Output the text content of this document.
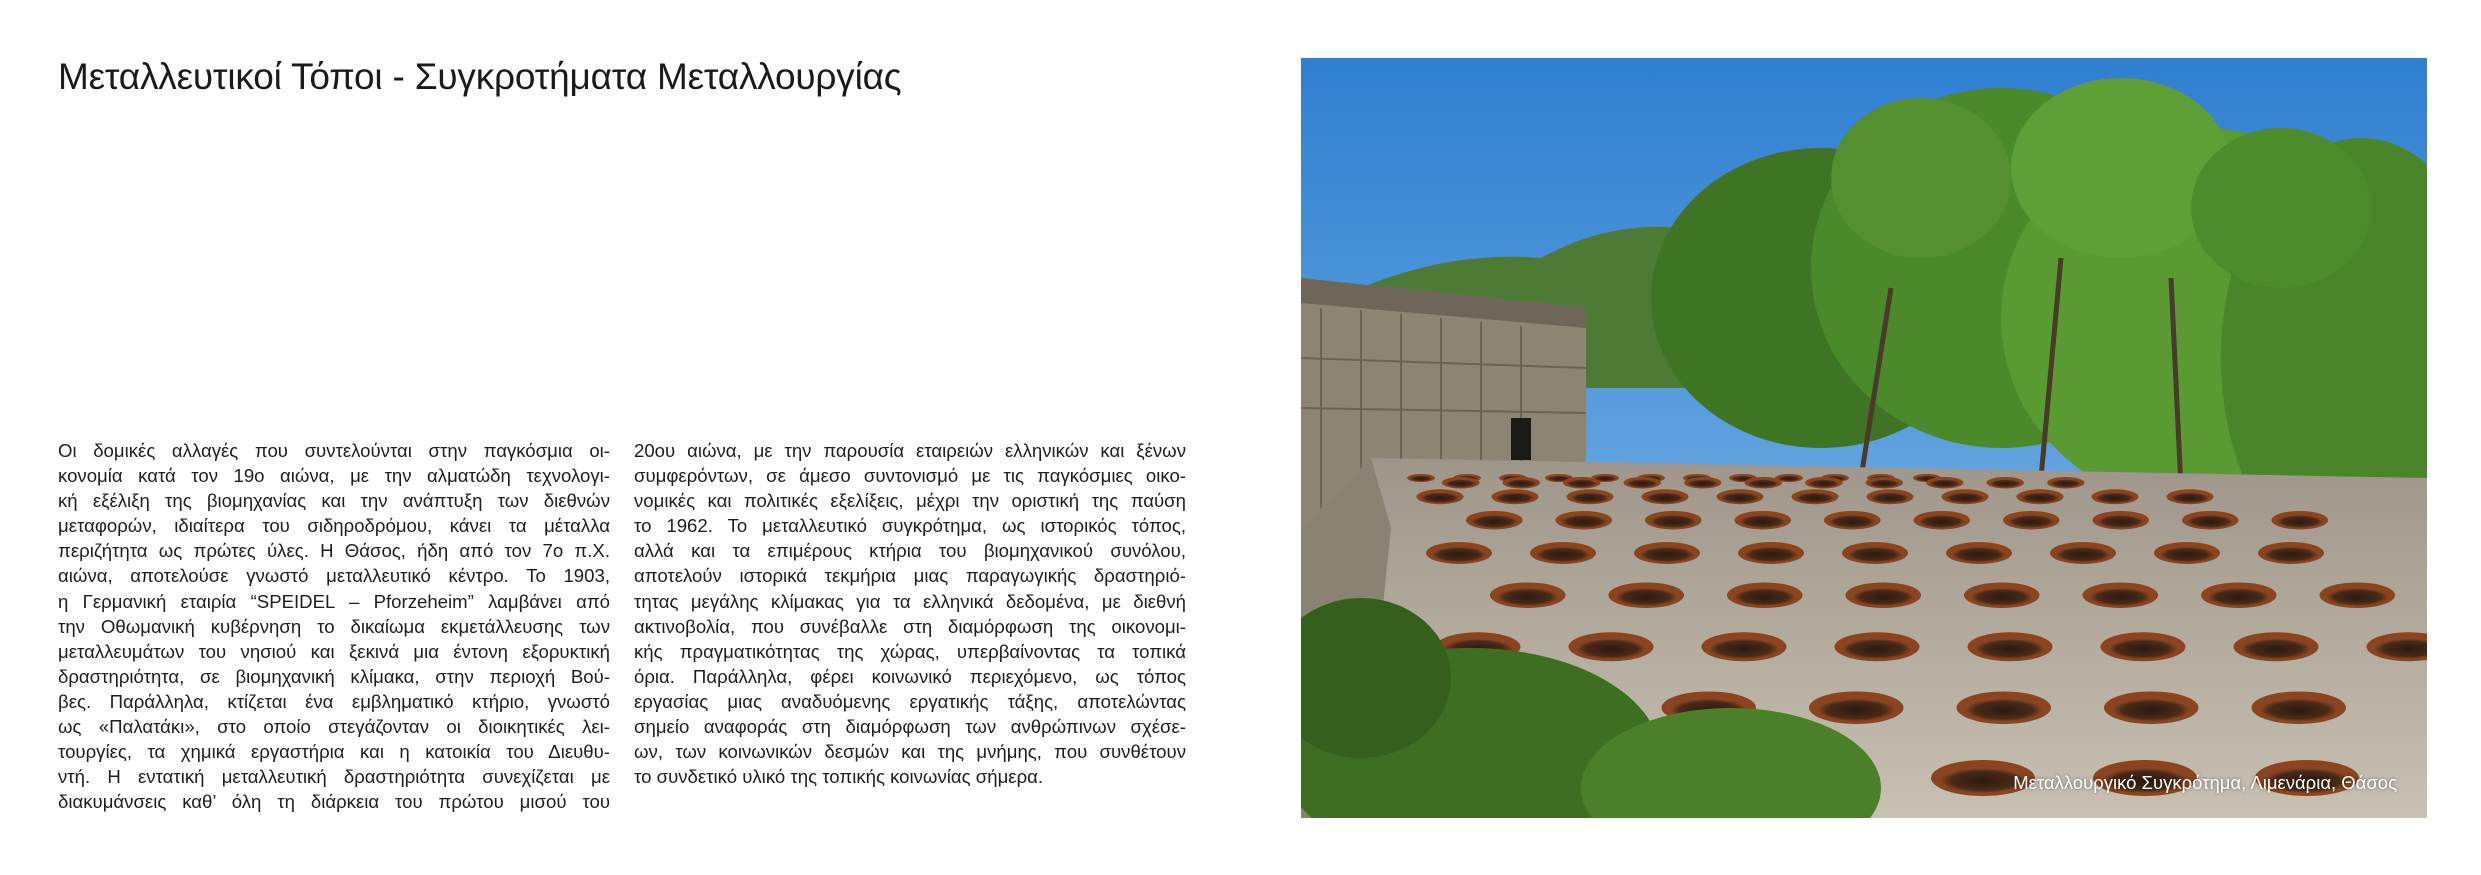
Μεταλλευτικοί Τόποι - Συγκροτήματα Μεταλλουργίας
Οι δομικές αλλαγές που συντελούνται στην παγκόσμια οι-
κονομία κατά τον 19ο αιώνα, με την αλματώδη τεχνολογι-
κή εξέλιξη της βιομηχανίας και την ανάπτυξη των διεθνών
μεταφορών, ιδιαίτερα του σιδηροδρόμου, κάνει τα μέταλλα
περιζήτητα ως πρώτες ύλες. Η Θάσος, ήδη από τον 7ο π.Χ.
αιώνα, αποτελούσε γνωστό μεταλλευτικό κέντρο. Το 1903,
η Γερμανική εταιρία “SPEIDEL – Pforzeheim” λαμβάνει από
την Οθωμανική κυβέρνηση το δικαίωμα εκμετάλλευσης των
μεταλλευμάτων του νησιού και ξεκινά μια έντονη εξορυκτική
δραστηριότητα, σε βιομηχανική κλίμακα, στην περιοχή Βού-
βες. Παράλληλα, κτίζεται ένα εμβληματικό κτήριο, γνωστό
ως «Παλατάκι», στο οποίο στεγάζονταν οι διοικητικές λει-
τουργίες, τα χημικά εργαστήρια και η κατοικία του Διευθυ-
ντή. Η εντατική μεταλλευτική δραστηριότητα συνεχίζεται με
διακυμάνσεις καθ’ όλη τη διάρκεια του πρώτου μισού του
20ου αιώνα, με την παρουσία εταιρειών ελληνικών και ξένων
συμφερόντων, σε άμεσο συντονισμό με τις παγκόσμιες οικο-
νομικές και πολιτικές εξελίξεις, μέχρι την οριστική της παύση
το 1962. Το μεταλλευτικό συγκρότημα, ως ιστορικός τόπος,
αλλά και τα επιμέρους κτήρια του βιομηχανικού συνόλου,
αποτελούν ιστορικά τεκμήρια μιας παραγωγικής δραστηριό-
τητας μεγάλης κλίμακας για τα ελληνικά δεδομένα, με διεθνή
ακτινοβολία, που συνέβαλλε στη διαμόρφωση της οικονομι-
κής πραγματικότητας της χώρας, υπερβαίνοντας τα τοπικά
όρια. Παράλληλα, φέρει κοινωνικό περιεχόμενο, ως τόπος
εργασίας μιας αναδυόμενης εργατικής τάξης, αποτελώντας
σημείο αναφοράς στη διαμόρφωση των ανθρώπινων σχέσε-
ων, των κοινωνικών δεσμών και της μνήμης, που συνθέτουν
το συνδετικό υλικό της τοπικής κοινωνίας σήμερα.	Μεταλλουργικό Συγκρότημα, Λιμενάρια, Θάσος
